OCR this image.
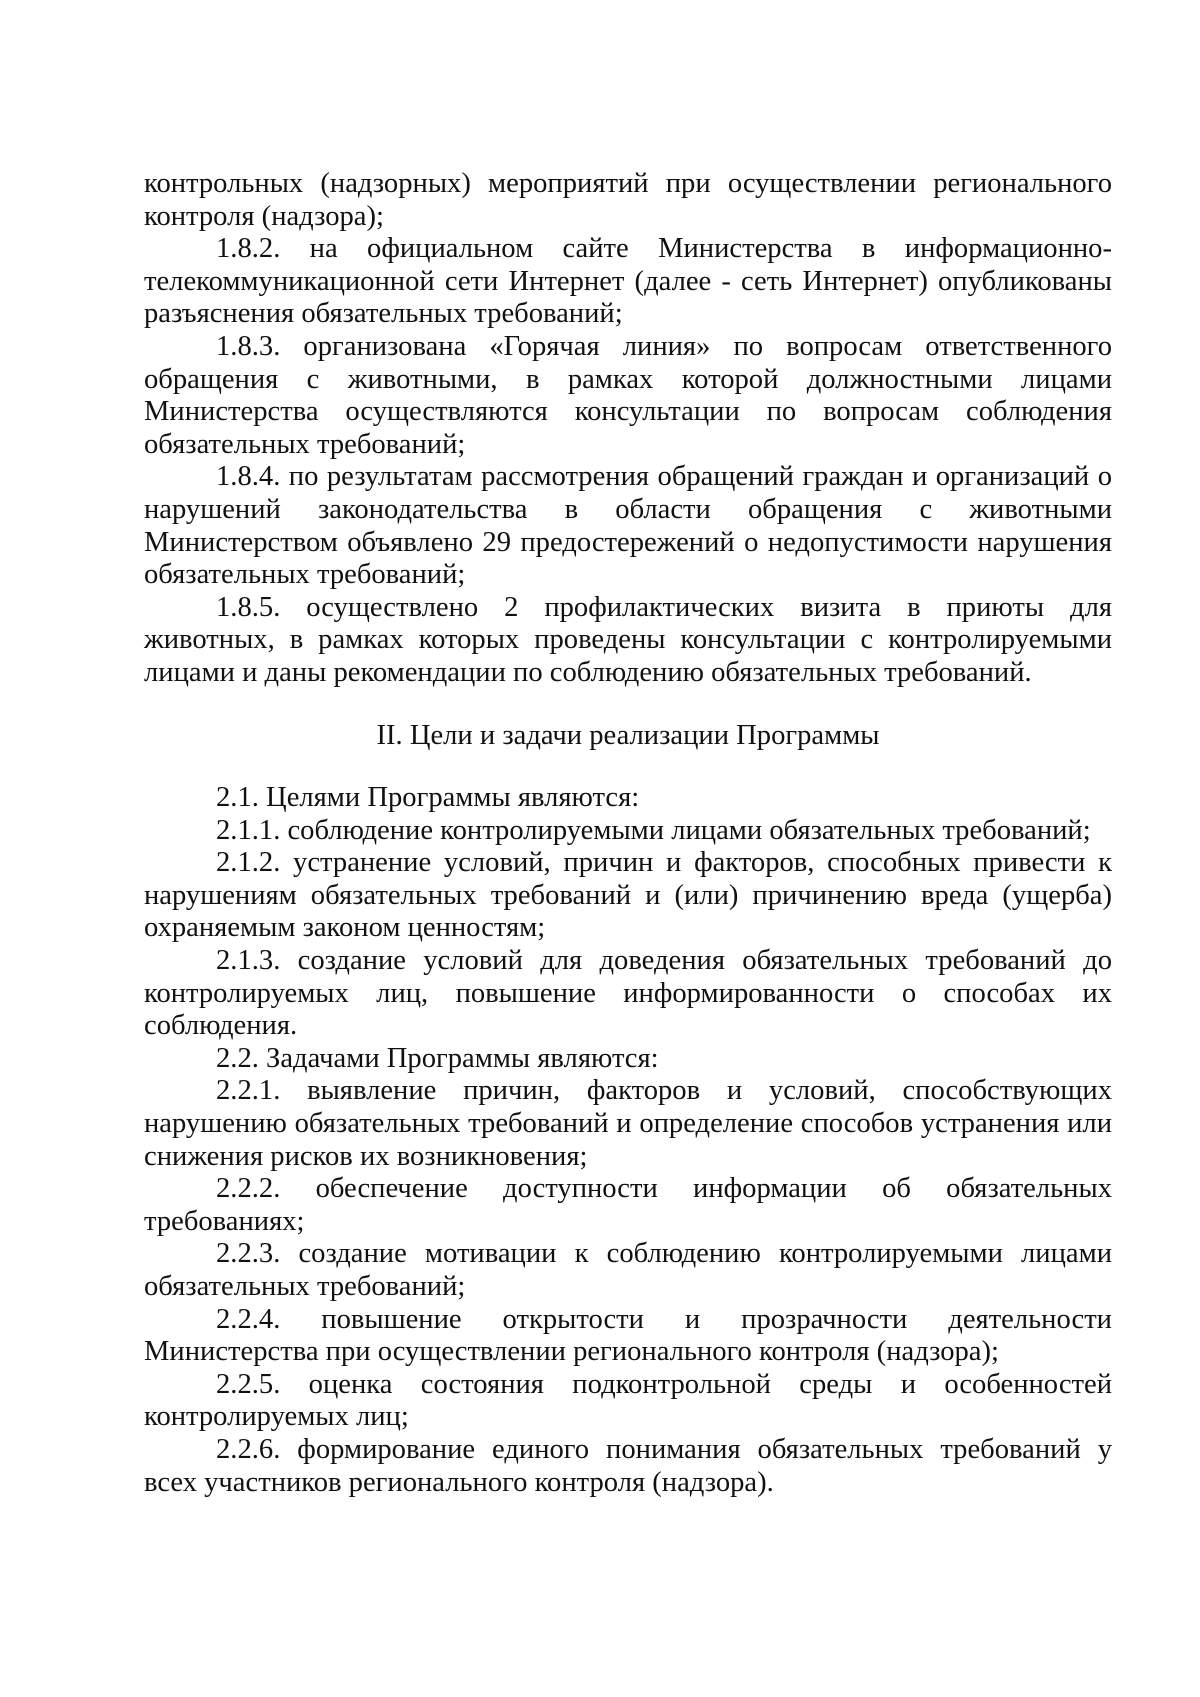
контрольных (надзорных) мероприятий при осуществлении регионального контроля (надзора);

1.8.2. на официальном сайте Министерства в информационно-телекоммуникационной сети Интернет (далее - сеть Интернет) опубликованы разъяснения обязательных требований;

1.8.3. организована «Горячая линия» по вопросам ответственного обращения с животными, в рамках которой должностными лицами Министерства осуществляются консультации по вопросам соблюдения обязательных требований;

1.8.4. по результатам рассмотрения обращений граждан и организаций о нарушений законодательства в области обращения с животными Министерством объявлено 29 предостережений о недопустимости нарушения обязательных требований;

1.8.5. осуществлено 2 профилактических визита в приюты для животных, в рамках которых проведены консультации с контролируемыми лицами и даны рекомендации по соблюдению обязательных требований.

II. Цели и задачи реализации Программы

2.1. Целями Программы являются:

2.1.1. соблюдение контролируемыми лицами обязательных требований;

2.1.2. устранение условий, причин и факторов, способных привести к нарушениям обязательных требований и (или) причинению вреда (ущерба) охраняемым законом ценностям;

2.1.3. создание условий для доведения обязательных требований до контролируемых лиц, повышение информированности о способах их соблюдения.

2.2. Задачами Программы являются:

2.2.1. выявление причин, факторов и условий, способствующих нарушению обязательных требований и определение способов устранения или снижения рисков их возникновения;

2.2.2. обеспечение доступности информации об обязательных требованиях;

2.2.3. создание мотивации к соблюдению контролируемыми лицами обязательных требований;

2.2.4. повышение открытости и прозрачности деятельности Министерства при осуществлении регионального контроля (надзора);

2.2.5. оценка состояния подконтрольной среды и особенностей контролируемых лиц;

2.2.6. формирование единого понимания обязательных требований у всех участников регионального контроля (надзора).
